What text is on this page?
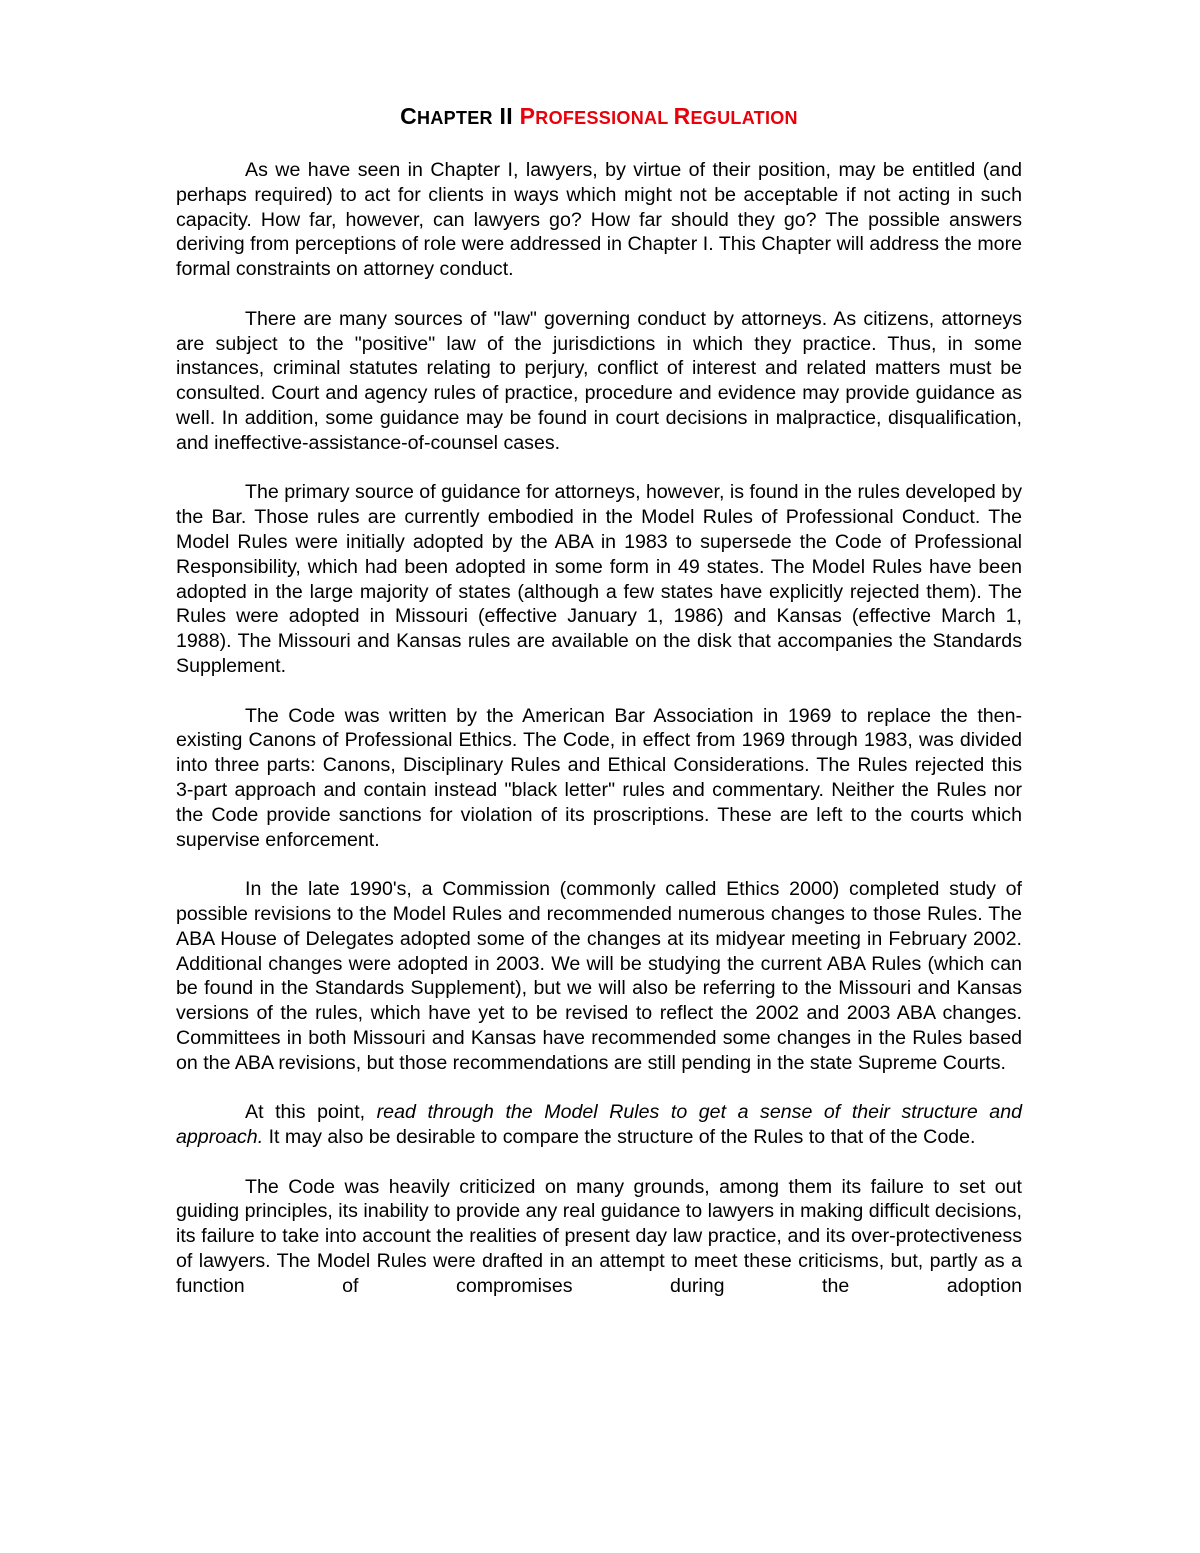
CHAPTER II PROFESSIONAL REGULATION

As we have seen in Chapter I, lawyers, by virtue of their position, may be entitled (and perhaps required) to act for clients in ways which might not be acceptable if not acting in such capacity. How far, however, can lawyers go? How far should they go? The possible answers deriving from perceptions of role were addressed in Chapter I. This Chapter will address the more formal constraints on attorney conduct.

There are many sources of "law" governing conduct by attorneys. As citizens, attorneys are subject to the "positive" law of the jurisdictions in which they practice. Thus, in some instances, criminal statutes relating to perjury, conflict of interest and related matters must be consulted. Court and agency rules of practice, procedure and evidence may provide guidance as well. In addition, some guidance may be found in court decisions in malpractice, disqualification, and ineffective-assistance-of-counsel cases.

The primary source of guidance for attorneys, however, is found in the rules developed by the Bar. Those rules are currently embodied in the Model Rules of Professional Conduct. The Model Rules were initially adopted by the ABA in 1983 to supersede the Code of Professional Responsibility, which had been adopted in some form in 49 states. The Model Rules have been adopted in the large majority of states (although a few states have explicitly rejected them). The Rules were adopted in Missouri (effective January 1, 1986) and Kansas (effective March 1, 1988). The Missouri and Kansas rules are available on the disk that accompanies the Standards Supplement.

The Code was written by the American Bar Association in 1969 to replace the then-existing Canons of Professional Ethics. The Code, in effect from 1969 through 1983, was divided into three parts: Canons, Disciplinary Rules and Ethical Considerations. The Rules rejected this 3-part approach and contain instead "black letter" rules and commentary. Neither the Rules nor the Code provide sanctions for violation of its proscriptions. These are left to the courts which supervise enforcement.

In the late 1990's, a Commission (commonly called Ethics 2000) completed study of possible revisions to the Model Rules and recommended numerous changes to those Rules. The ABA House of Delegates adopted some of the changes at its midyear meeting in February 2002. Additional changes were adopted in 2003. We will be studying the current ABA Rules (which can be found in the Standards Supplement), but we will also be referring to the Missouri and Kansas versions of the rules, which have yet to be revised to reflect the 2002 and 2003 ABA changes. Committees in both Missouri and Kansas have recommended some changes in the Rules based on the ABA revisions, but those recommendations are still pending in the state Supreme Courts.

At this point, read through the Model Rules to get a sense of their structure and approach. It may also be desirable to compare the structure of the Rules to that of the Code.

The Code was heavily criticized on many grounds, among them its failure to set out guiding principles, its inability to provide any real guidance to lawyers in making difficult decisions, its failure to take into account the realities of present day law practice, and its over-protectiveness of lawyers. The Model Rules were drafted in an attempt to meet these criticisms, but, partly as a function of compromises during the adoption
